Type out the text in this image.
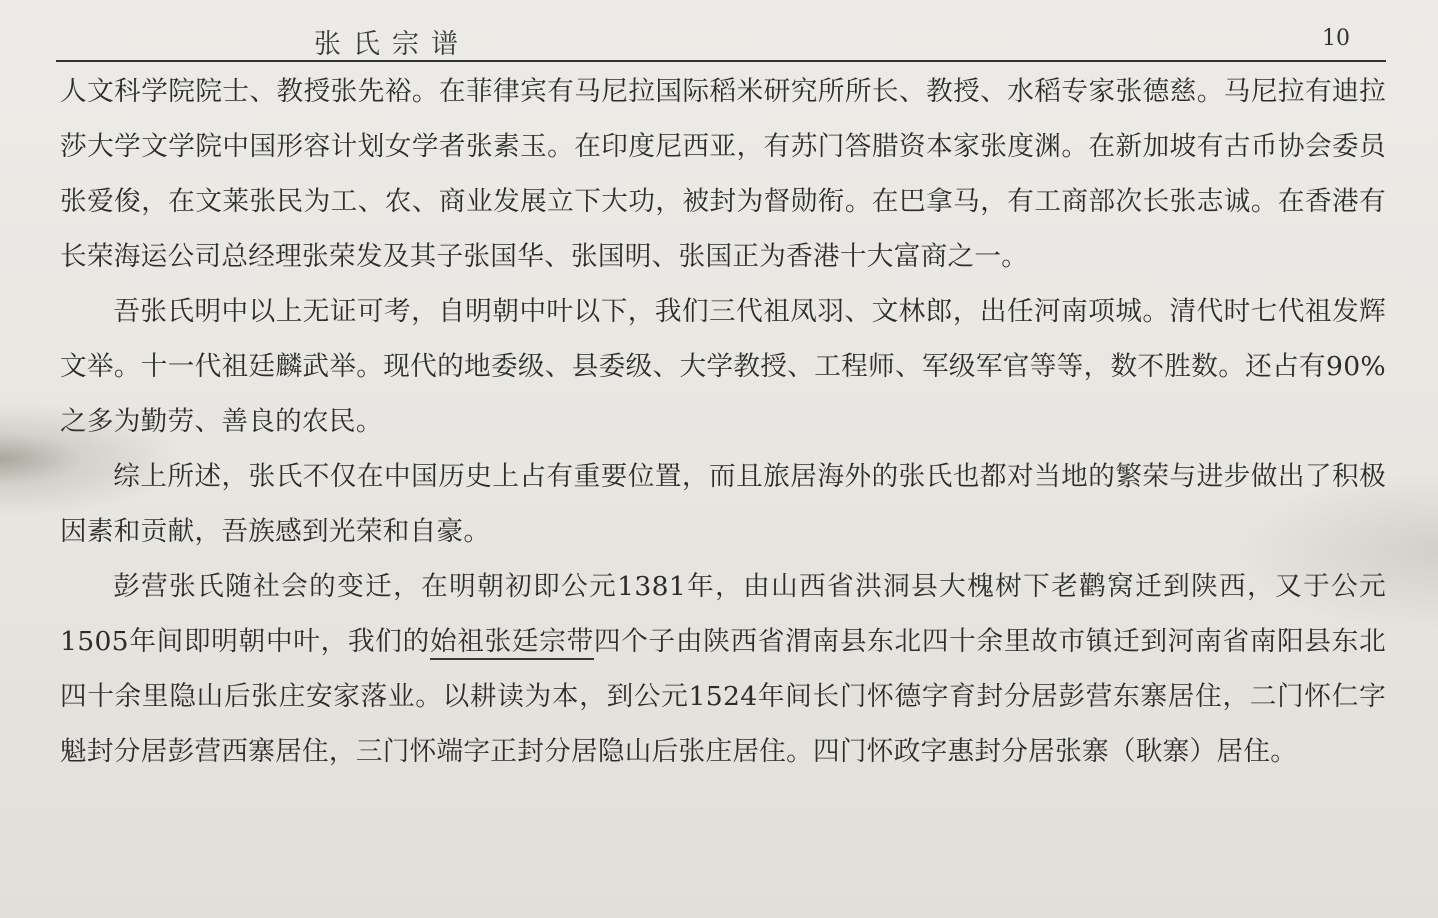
张氏宗谱	10

人文科学院院士、教授张先裕。在菲律宾有马尼拉国际稻米研究所所长、教授、水稻专家张德慈。马尼拉有迪拉莎大学文学院中国形容计划女学者张素玉。在印度尼西亚，有苏门答腊资本家张度渊。在新加坡有古币协会委员张爱俊，在文莱张民为工、农、商业发展立下大功，被封为督勋衔。在巴拿马，有工商部次长张志诚。在香港有长荣海运公司总经理张荣发及其子张国华、张国明、张国正为香港十大富商之一。

吾张氏明中以上无证可考，自明朝中叶以下，我们三代祖凤羽、文林郎，出任河南项城。清代时七代祖发辉文举。十一代祖廷麟武举。现代的地委级、县委级、大学教授、工程师、军级军官等等，数不胜数。还占有90%之多为勤劳、善良的农民。

综上所述，张氏不仅在中国历史上占有重要位置，而且旅居海外的张氏也都对当地的繁荣与进步做出了积极因素和贡献，吾族感到光荣和自豪。

彭营张氏随社会的变迁，在明朝初即公元1381年，由山西省洪洞县大槐树下老鹳窝迁到陕西，又于公元1505年间即明朝中叶，我们的始祖张廷宗带四个子由陕西省渭南县东北四十余里故市镇迁到河南省南阳县东北四十余里隐山后张庄安家落业。以耕读为本，到公元1524年间长门怀德字育封分居彭营东寨居住，二门怀仁字魁封分居彭营西寨居住，三门怀端字正封分居隐山后张庄居住。四门怀政字惠封分居张寨（耿寨）居住。
